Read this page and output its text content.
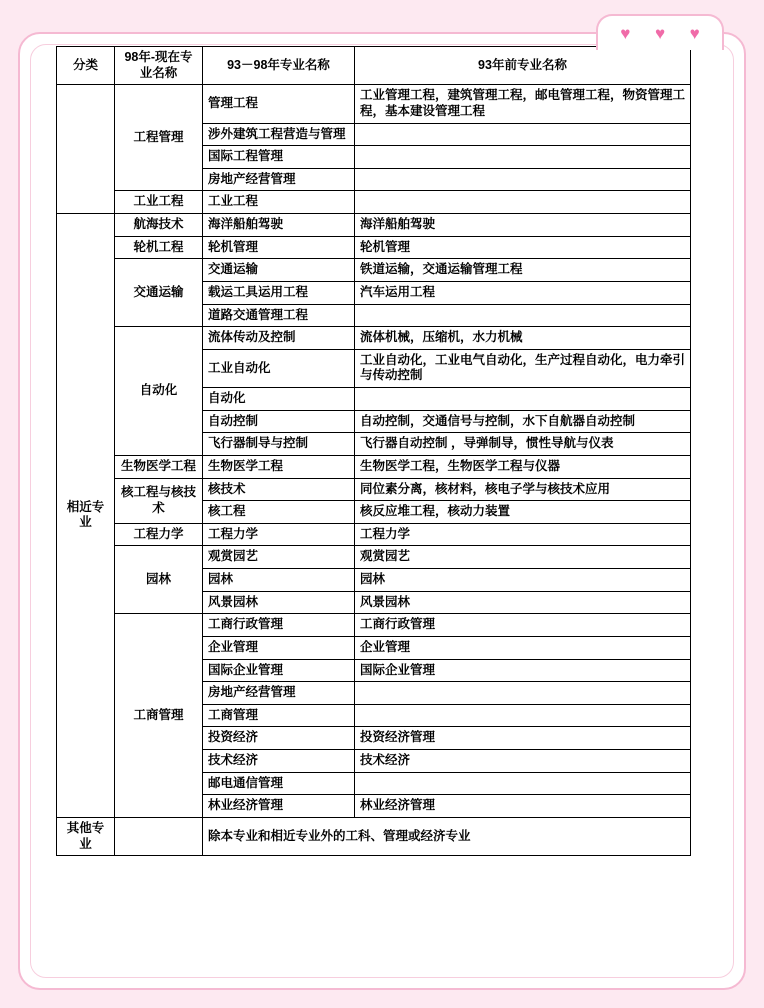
♥ ♥ ♥
分类	98年-现在专业名称	93－98年专业名称	93年前专业名称
	工程管理	管理工程	工业管理工程，建筑管理工程，邮电管理工程，物资管理工程，基本建设管理工程
		涉外建筑工程营造与管理	
		国际工程管理	
		房地产经营管理	
	工业工程	工业工程	
相近专业	航海技术	海洋船舶驾驶	海洋船舶驾驶
	轮机工程	轮机管理	轮机管理
	交通运输	交通运输	铁道运输，交通运输管理工程
		载运工具运用工程	汽车运用工程
		道路交通管理工程	
	自动化	流体传动及控制	流体机械，压缩机，水力机械
		工业自动化	工业自动化，工业电气自动化，生产过程自动化，电力牵引与传动控制
		自动化	
		自动控制	自动控制，交通信号与控制，水下自航器自动控制
		飞行器制导与控制	飞行器自动控制 ，导弹制导，惯性导航与仪表
	生物医学工程	生物医学工程	生物医学工程，生物医学工程与仪器
	核工程与核技术	核技术	同位素分离，核材料，核电子学与核技术应用
		核工程	核反应堆工程，核动力装置
	工程力学	工程力学	工程力学
	园林	观赏园艺	观赏园艺
		园林	园林
		风景园林	风景园林
	工商管理	工商行政管理	工商行政管理
		企业管理	企业管理
		国际企业管理	国际企业管理
		房地产经营管理	
		工商管理	
		投资经济	投资经济管理
		技术经济	技术经济
		邮电通信管理	
		林业经济管理	林业经济管理
其他专业		除本专业和相近专业外的工科、管理或经济专业	
